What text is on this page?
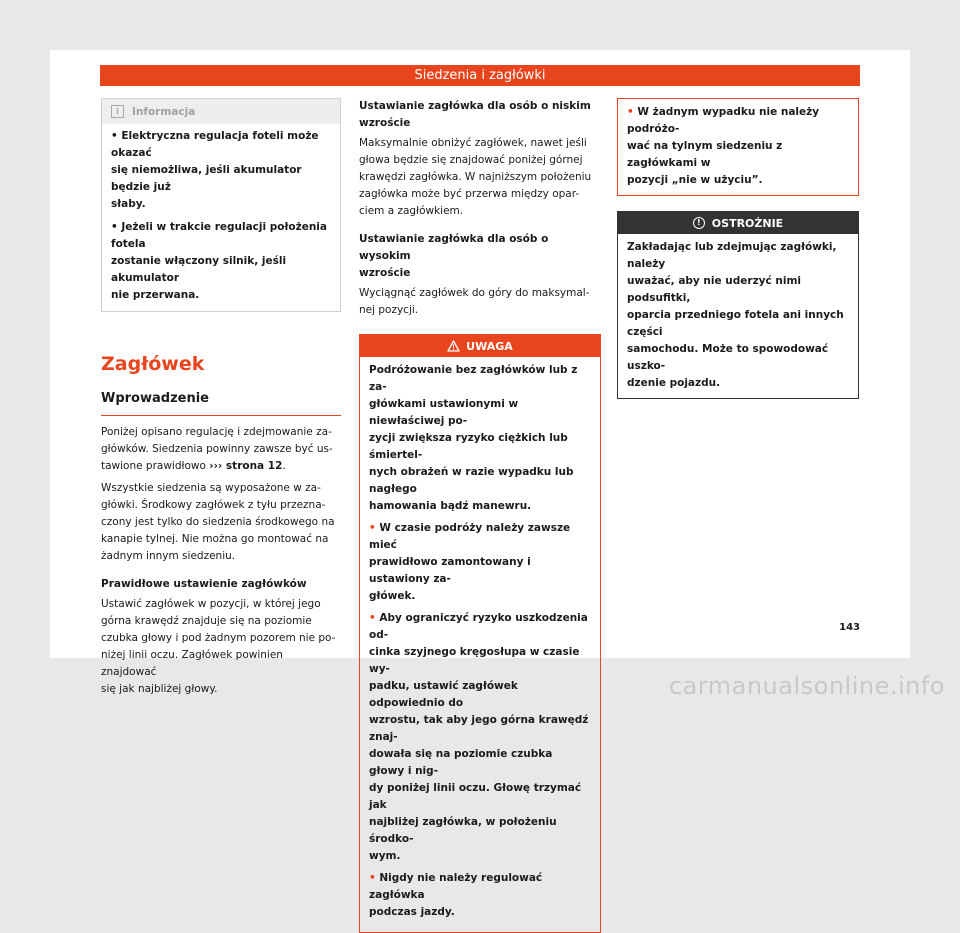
Siedzenia i zagłówki
i	Informacja

• Elektryczna regulacja foteli może okazać
się niemożliwa, jeśli akumulator będzie już
słaby.

• Jeżeli w trakcie regulacji położenia fotela
zostanie włączony silnik, jeśli akumulator
nie przerwana.

Zagłówek
Wprowadzenie

Poniżej opisano regulację i zdejmowanie za-
główków. Siedzenia powinny zawsze być us-
tawione prawidłowo ››› strona 12.

Wszystkie siedzenia są wyposażone w za-
główki. Środkowy zagłówek z tyłu przezna-
czony jest tylko do siedzenia środkowego na
kanapie tylnej. Nie można go montować na
żadnym innym siedzeniu.

Prawidłowe ustawienie zagłówków

Ustawić zagłówek w pozycji, w której jego
górna krawędź znajduje się na poziomie
czubka głowy i pod żadnym pozorem nie po-
niżej linii oczu. Zagłówek powinien znajdować
się jak najbliżej głowy.

Ustawianie zagłówka dla osób o niskim
wzroście

Maksymalnie obniżyć zagłówek, nawet jeśli
głowa będzie się znajdować poniżej górnej
krawędzi zagłówka. W najniższym położeniu
zagłówka może być przerwa między opar-
ciem a zagłówkiem.

Ustawianie zagłówka dla osób o wysokim
wzroście

Wyciągnąć zagłówek do góry do maksymal-
nej pozycji.

UWAGA

Podróżowanie bez zagłówków lub z za-
główkami ustawionymi w niewłaściwej po-
zycji zwiększa ryzyko ciężkich lub śmiertel-
nych obrażeń w razie wypadku lub nagłego
hamowania bądź manewru.

• W czasie podróży należy zawsze mieć
prawidłowo zamontowany i ustawiony za-
główek.

• Aby ograniczyć ryzyko uszkodzenia od-
cinka szyjnego kręgosłupa w czasie wy-
padku, ustawić zagłówek odpowiednio do
wzrostu, tak aby jego górna krawędź znaj-
dowała się na poziomie czubka głowy i nig-
dy poniżej linii oczu. Głowę trzymać jak
najbliżej zagłówka, w położeniu środko-
wym.

• Nigdy nie należy regulować zagłówka
podczas jazdy.

• W żadnym wypadku nie należy podróżo-
wać na tylnym siedzeniu z zagłówkami w
pozycji „nie w użyciu”.

!	OSTROŻNIE

Zakładając lub zdejmując zagłówki, należy
uważać, aby nie uderzyć nimi podsufitki,
oparcia przedniego fotela ani innych części
samochodu. Może to spowodować uszko-
dzenie pojazdu.

143
carmanualsonline.info
